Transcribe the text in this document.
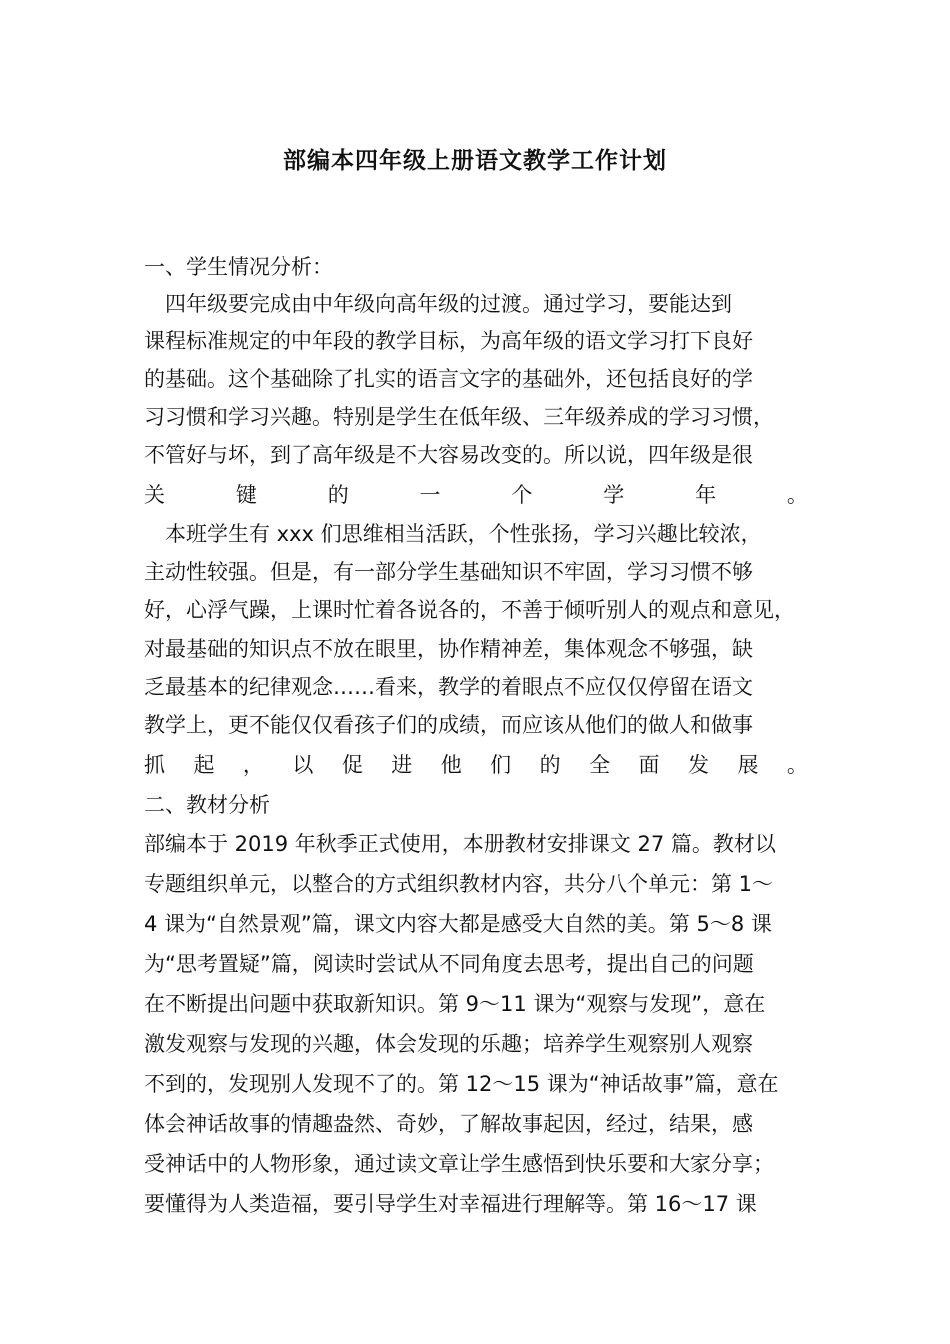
部编本四年级上册语文教学工作计划
一、学生情况分析：
　四年级要完成由中年级向高年级的过渡。通过学习，要能达到
课程标准规定的中年段的教学目标，为高年级的语文学习打下良好
的基础。这个基础除了扎实的语言文字的基础外，还包括良好的学
习习惯和学习兴趣。特别是学生在低年级、三年级养成的学习习惯，
不管好与坏，到了高年级是不大容易改变的。所以说，四年级是很
关	键	的	一	个	学	年	。
　本班学生有 xxx 们思维相当活跃，个性张扬，学习兴趣比较浓，
主动性较强。但是，有一部分学生基础知识不牢固，学习习惯不够
好，心浮气躁，上课时忙着各说各的，不善于倾听别人的观点和意见，
对最基础的知识点不放在眼里，协作精神差，集体观念不够强，缺
乏最基本的纪律观念……看来，教学的着眼点不应仅仅停留在语文
教学上，更不能仅仅看孩子们的成绩，而应该从他们的做人和做事
抓 起 ， 以 促 进 他 们 的 全 面 发 展 。
二、教材分析
部编本于 2019 年秋季正式使用，本册教材安排课文 27 篇。教材以
专题组织单元，以整合的方式组织教材内容，共分八个单元：第 1～
4 课为“自然景观”篇，课文内容大都是感受大自然的美。第 5～8 课
为“思考置疑”篇，阅读时尝试从不同角度去思考，提出自己的问题
在不断提出问题中获取新知识。第 9～11 课为“观察与发现”，意在
激发观察与发现的兴趣，体会发现的乐趣；培养学生观察别人观察
不到的，发现别人发现不了的。第 12～15 课为“神话故事”篇，意在
体会神话故事的情趣盎然、奇妙，了解故事起因，经过，结果，感
受神话中的人物形象，通过读文章让学生感悟到快乐要和大家分享；
要懂得为人类造福，要引导学生对幸福进行理解等。第 16～17 课
